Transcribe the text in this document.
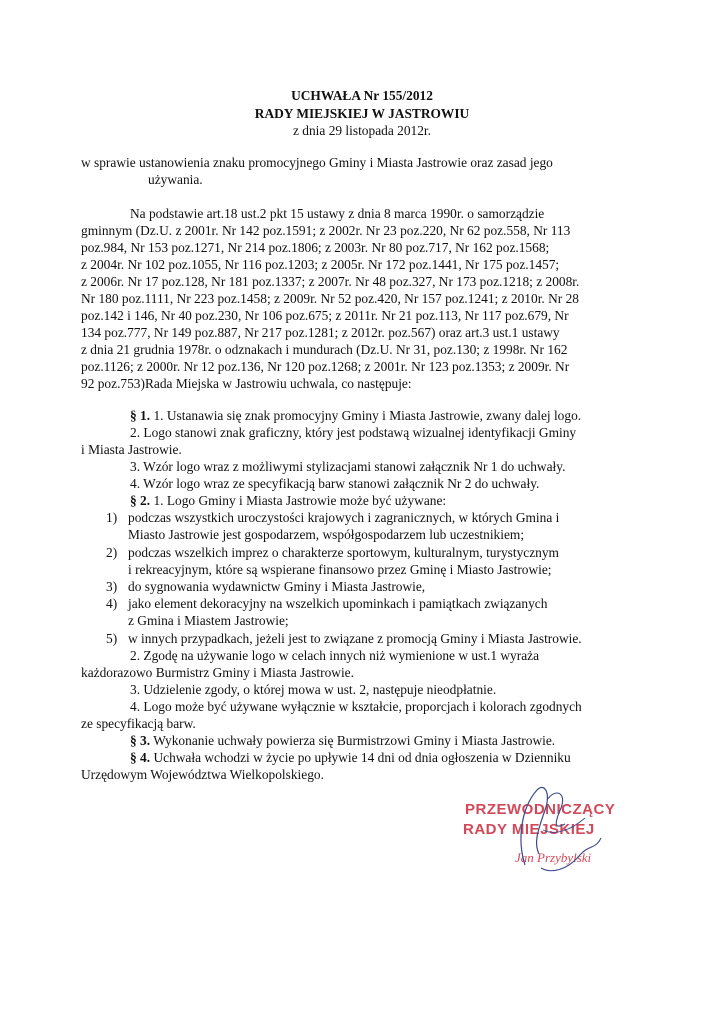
UCHWAŁA Nr 155/2012
RADY MIEJSKIEJ W JASTROWIU
z dnia 29 listopada 2012r.
w sprawie ustanowienia znaku promocyjnego Gminy i Miasta Jastrowie oraz zasad jego
używania.
Na podstawie art.18 ust.2 pkt 15 ustawy z dnia 8 marca 1990r. o samorządzie
gminnym (Dz.U. z 2001r. Nr 142 poz.1591; z 2002r. Nr 23 poz.220, Nr 62 poz.558, Nr 113
poz.984, Nr 153 poz.1271, Nr 214 poz.1806; z 2003r. Nr 80 poz.717, Nr 162 poz.1568;
z 2004r. Nr 102 poz.1055, Nr 116 poz.1203; z 2005r. Nr 172 poz.1441, Nr 175 poz.1457;
z 2006r. Nr 17 poz.128, Nr 181 poz.1337; z 2007r. Nr 48 poz.327, Nr 173 poz.1218; z 2008r.
Nr 180 poz.1111, Nr 223 poz.1458; z 2009r. Nr 52 poz.420, Nr 157 poz.1241; z 2010r. Nr 28
poz.142 i 146, Nr 40 poz.230, Nr 106 poz.675; z 2011r. Nr 21 poz.113, Nr 117 poz.679, Nr
134 poz.777, Nr 149 poz.887, Nr 217 poz.1281; z 2012r. poz.567) oraz art.3 ust.1 ustawy
z dnia 21 grudnia 1978r. o odznakach i mundurach (Dz.U. Nr 31, poz.130; z 1998r. Nr 162
poz.1126; z 2000r. Nr 12 poz.136, Nr 120 poz.1268; z 2001r. Nr 123 poz.1353; z 2009r. Nr
92 poz.753)Rada Miejska w Jastrowiu uchwala, co następuje:
§ 1. 1. Ustanawia się znak promocyjny Gminy i Miasta Jastrowie, zwany dalej logo.
2. Logo stanowi znak graficzny, który jest podstawą wizualnej identyfikacji Gminy
i Miasta Jastrowie.
3. Wzór logo wraz z możliwymi stylizacjami stanowi załącznik Nr 1 do uchwały.
4. Wzór logo wraz ze specyfikacją barw stanowi załącznik Nr 2 do uchwały.
§ 2. 1. Logo Gminy i Miasta Jastrowie może być używane:
1) podczas wszystkich uroczystości krajowych i zagranicznych, w których Gmina i
Miasto Jastrowie jest gospodarzem, współgospodarzem lub uczestnikiem;
2) podczas wszelkich imprez o charakterze sportowym, kulturalnym, turystycznym
i rekreacyjnym, które są wspierane finansowo przez Gminę i Miasto Jastrowie;
3) do sygnowania wydawnictw Gminy i Miasta Jastrowie,
4) jako element dekoracyjny na wszelkich upominkach i pamiątkach związanych
z Gmina i Miastem Jastrowie;
5) w innych przypadkach, jeżeli jest to związane z promocją Gminy i Miasta Jastrowie.
2. Zgodę na używanie logo w celach innych niż wymienione w ust.1 wyraża
każdorazowo Burmistrz Gminy i Miasta Jastrowie.
3. Udzielenie zgody, o której mowa w ust. 2, następuje nieodpłatnie.
4. Logo może być używane wyłącznie w kształcie, proporcjach i kolorach zgodnych
ze specyfikacją barw.
§ 3. Wykonanie uchwały powierza się Burmistrzowi Gminy i Miasta Jastrowie.
§ 4. Uchwała wchodzi w życie po upływie 14 dni od dnia ogłoszenia w Dzienniku
Urzędowym Województwa Wielkopolskiego.
PRZEWODNICZĄCY
RADY MIEJSKIEJ
Jan Przybylski
